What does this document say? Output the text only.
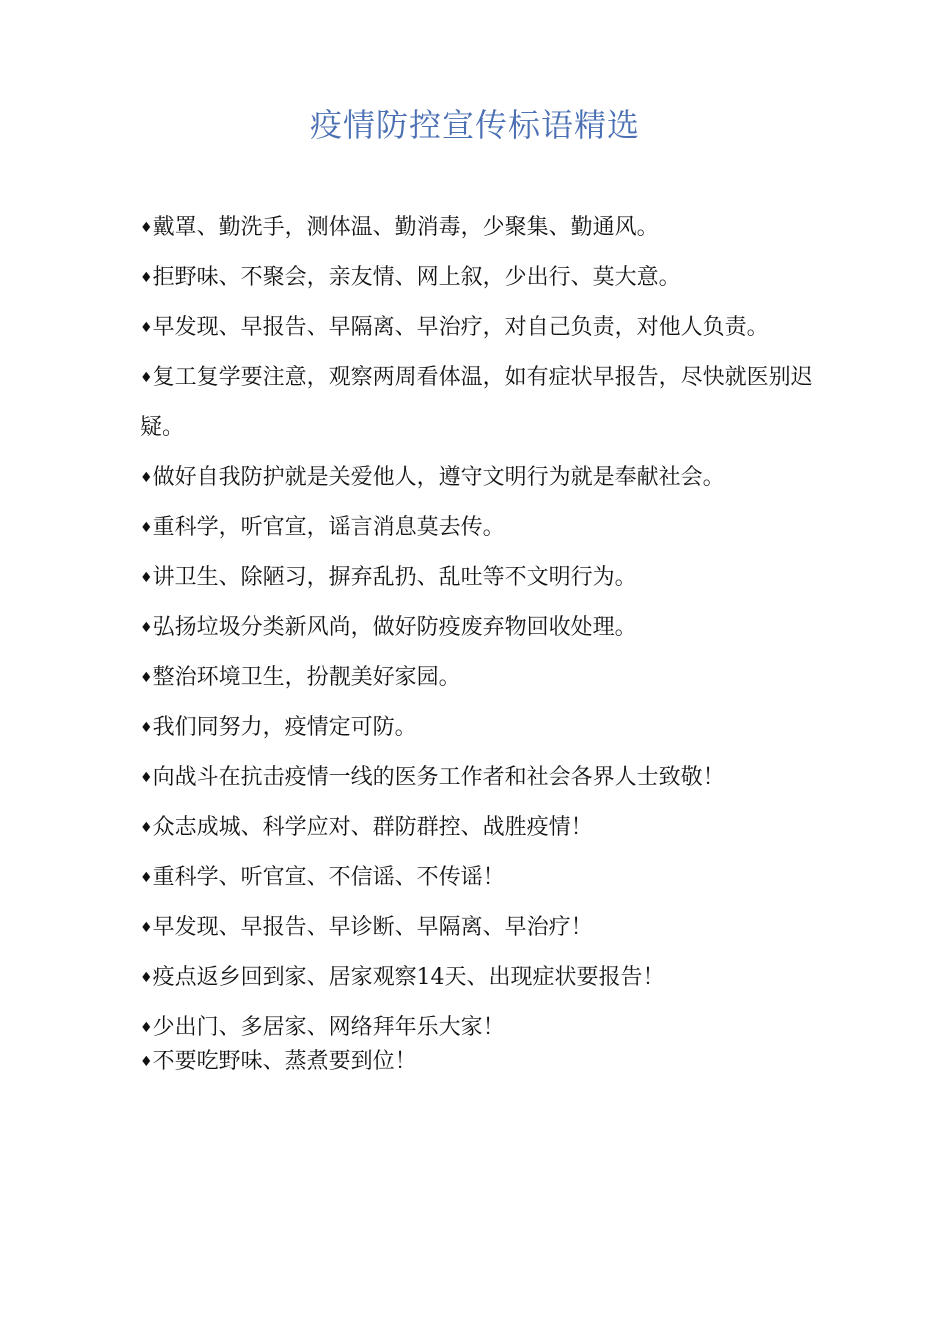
疫情防控宣传标语精选
♦戴罩、勤洗手，测体温、勤消毒，少聚集、勤通风。
♦拒野味、不聚会，亲友情、网上叙，少出行、莫大意。
♦早发现、早报告、早隔离、早治疗，对自己负责，对他人负责。
♦复工复学要注意，观察两周看体温，如有症状早报告，尽快就医别迟疑。
♦做好自我防护就是关爱他人，遵守文明行为就是奉献社会。
♦重科学，听官宣，谣言消息莫去传。
♦讲卫生、除陋习，摒弃乱扔、乱吐等不文明行为。
♦弘扬垃圾分类新风尚，做好防疫废弃物回收处理。
♦整治环境卫生，扮靓美好家园。
♦我们同努力，疫情定可防。
♦向战斗在抗击疫情一线的医务工作者和社会各界人士致敬！
♦众志成城、科学应对、群防群控、战胜疫情！
♦重科学、听官宣、不信谣、不传谣！
♦早发现、早报告、早诊断、早隔离、早治疗！
♦疫点返乡回到家、居家观察14天、出现症状要报告！
♦少出门、多居家、网络拜年乐大家！
♦不要吃野味、蒸煮要到位！
